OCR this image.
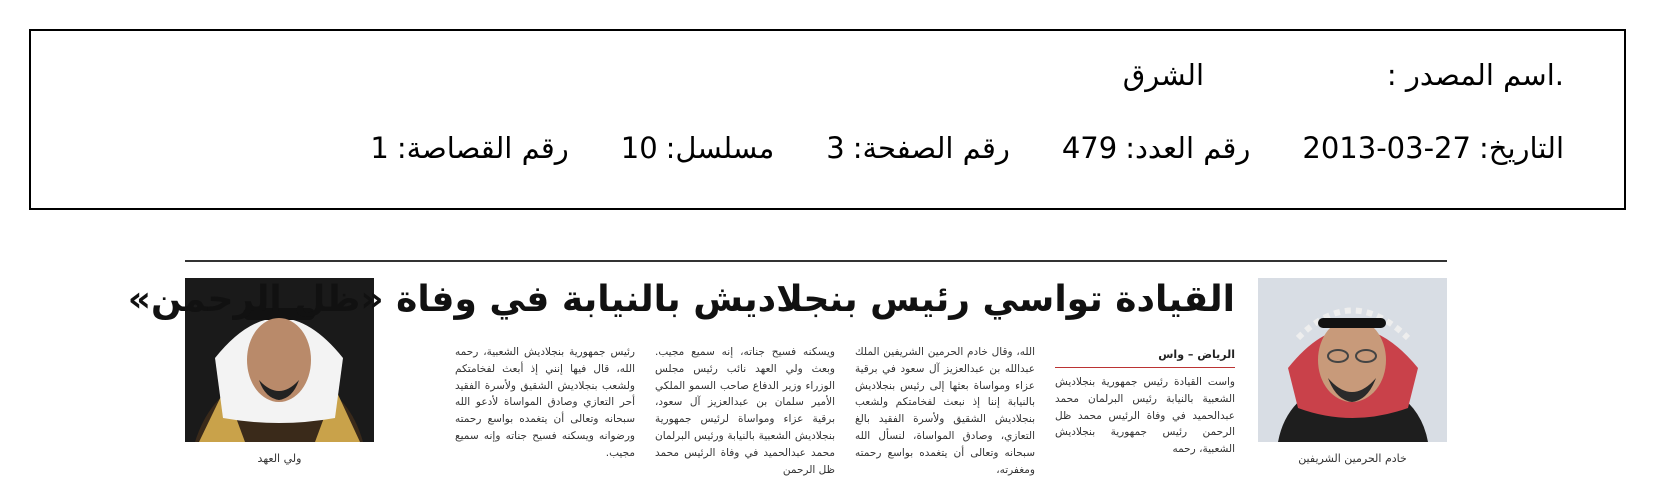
.اسم المصدر :
الشرق
التاريخ:
2013-03-27
رقم العدد:
479
رقم الصفحة:
3
مسلسل:
10
رقم القصاصة:
1
خادم الحرمين الشريفين
ولي العهد
القيادة تواسي رئيس بنجلاديش بالنيابة في وفاة «ظل الرحمن»
الرياض – واس
واست القيادة رئيس جمهورية بنجلاديش الشعبية بالنيابة رئيس البرلمان محمد عبدالحميد في وفاة الرئيس محمد ظل الرحمن رئيس جمهورية بنجلاديش الشعبية، رحمه
الله، وقال خادم الحرمين الشريفين الملك عبدالله بن عبدالعزيز آل سعود في برقية عزاء ومواساة بعثها إلى رئيس بنجلاديش بالنيابة إننا إذ نبعث لفخامتكم ولشعب بنجلاديش الشقيق ولأسرة الفقيد بالغ التعازي، وصادق المواساة، لنسأل الله سبحانه وتعالى أن يتغمده بواسع رحمته ومغفرته،
ويسكنه فسيح جناته، إنه سميع مجيب. وبعث ولي العهد نائب رئيس مجلس الوزراء وزير الدفاع صاحب السمو الملكي الأمير سلمان بن عبدالعزيز آل سعود، برقية عزاء ومواساة لرئيس جمهورية بنجلاديش الشعبية بالنيابة ورئيس البرلمان محمد عبدالحميد في وفاة الرئيس محمد ظل الرحمن
رئيس جمهورية بنجلاديش الشعبية، رحمه الله، قال فيها إنني إذ أبعث لفخامتكم ولشعب بنجلاديش الشقيق ولأسرة الفقيد أحر التعازي وصادق المواساة لأدعو الله سبحانه وتعالى أن يتغمده بواسع رحمته ورضوانه ويسكنه فسيح جناته وإنه سميع مجيب.
